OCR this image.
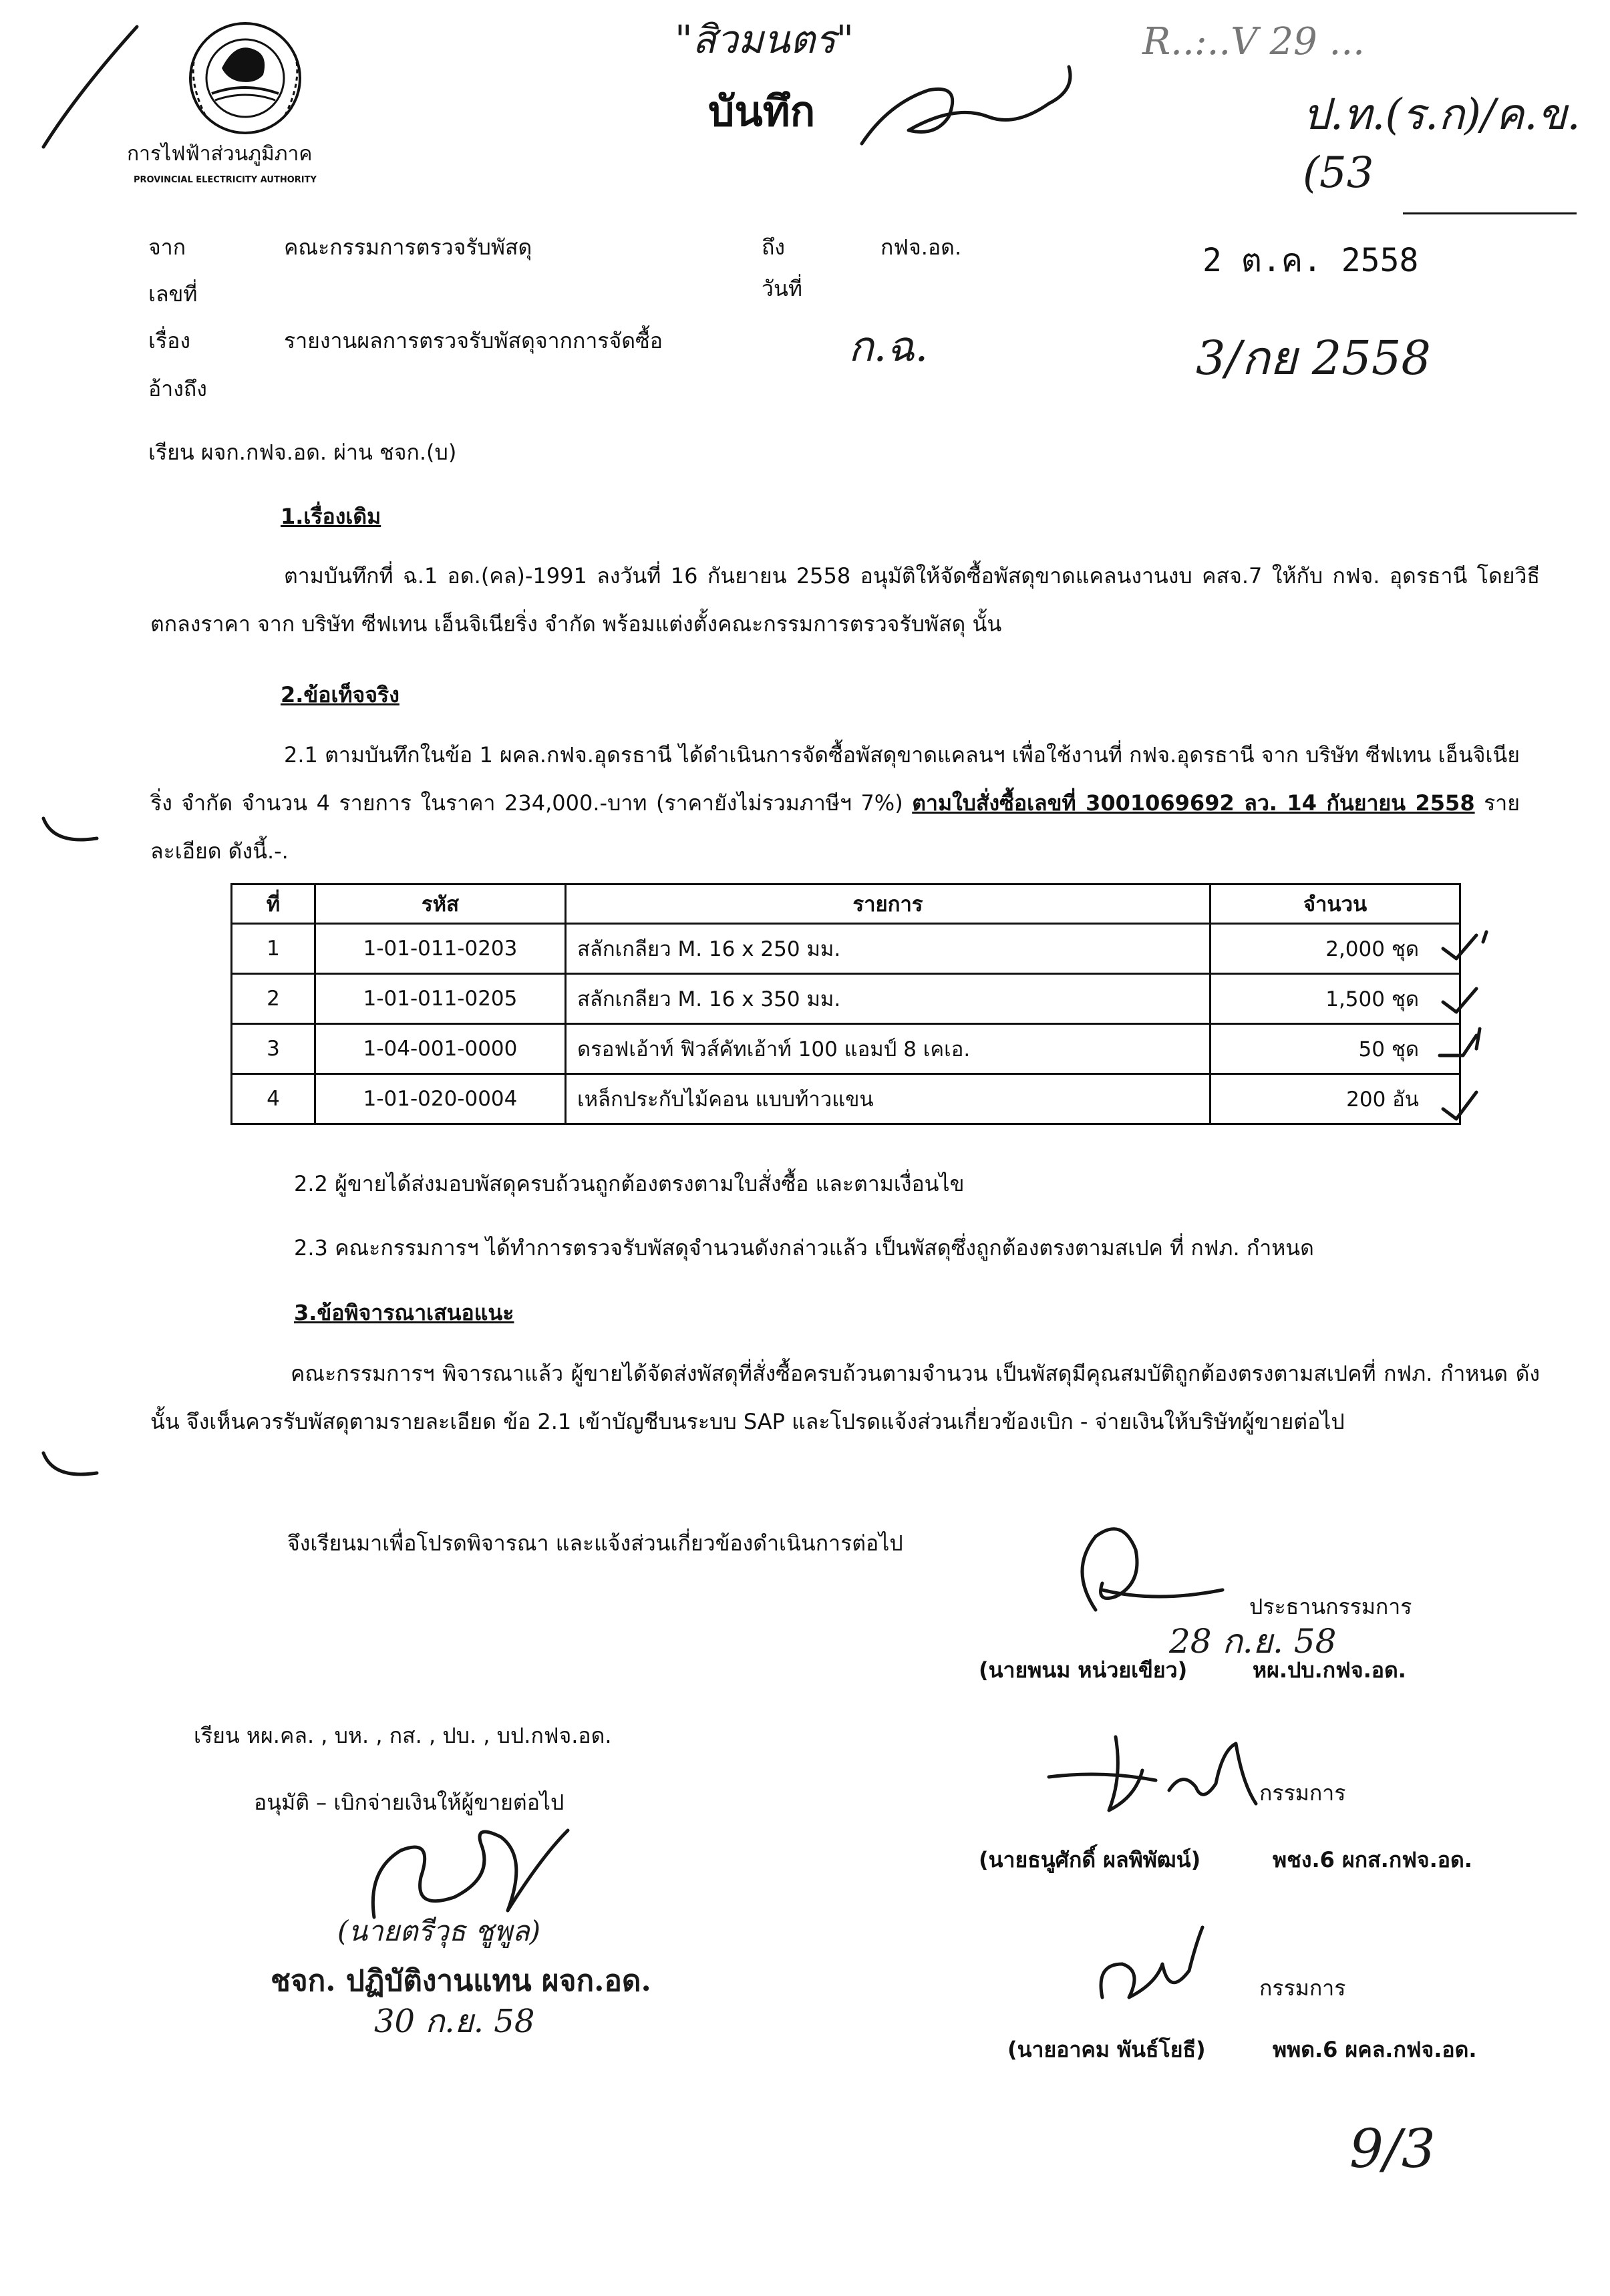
การไฟฟ้าส่วนภูมิภาค
PROVINCIAL ELECTRICITY AUTHORITY
"สิวมนตร"
บันทึก
R..:..V 29 ...
ป.ท.(ร.ก)/ค.ข.(53
จาก	คณะกรรมการตรวจรับพัสดุ	ถึง	กฟจ.อด.	2 ต.ค. 2558
เลขที่	วันที่
เรื่อง	รายงานผลการตรวจรับพัสดุจากการจัดซื้อ	ก.ฉ.	3/กย 2558
อ้างถึง
เรียน ผจก.กฟจ.อด. ผ่าน ชจก.(บ)
1.เรื่องเดิม
ตามบันทึกที่ ฉ.1 อด.(คล)-1991 ลงวันที่ 16 กันยายน 2558 อนุมัติให้จัดซื้อพัสดุขาดแคลนงานงบ คสจ.7 ให้กับ กฟจ. อุดรธานี โดยวิธีตกลงราคา จาก บริษัท ซีฟเทน เอ็นจิเนียริ่ง จำกัด พร้อมแต่งตั้งคณะกรรมการตรวจรับพัสดุ นั้น
2.ข้อเท็จจริง
2.1 ตามบันทึกในข้อ 1 ผคล.กฟจ.อุดรธานี ได้ดำเนินการจัดซื้อพัสดุขาดแคลนฯ เพื่อใช้งานที่ กฟจ.อุดรธานี จาก บริษัท ซีฟเทน เอ็นจิเนียริ่ง จำกัด จำนวน 4 รายการ ในราคา 234,000.-บาท (ราคายังไม่รวมภาษีฯ 7%) ตามใบสั่งซื้อเลขที่ 3001069692 ลว. 14 กันยายน 2558 รายละเอียด ดังนี้.-.
ที่	รหัส	รายการ	จำนวน
1	1-01-011-0203	สลักเกลียว M. 16 x 250 มม.	2,000 ชุด
2	1-01-011-0205	สลักเกลียว M. 16 x 350 มม.	1,500 ชุด
3	1-04-001-0000	ดรอฟเอ้าท์ ฟิวส์คัทเอ้าท์ 100 แอมป์ 8 เคเอ.	50 ชุด
4	1-01-020-0004	เหล็กประกับไม้คอน แบบท้าวแขน	200 อัน
2.2 ผู้ขายได้ส่งมอบพัสดุครบถ้วนถูกต้องตรงตามใบสั่งซื้อ และตามเงื่อนไข
2.3 คณะกรรมการฯ ได้ทำการตรวจรับพัสดุจำนวนดังกล่าวแล้ว เป็นพัสดุซึ่งถูกต้องตรงตามสเปค ที่ กฟภ. กำหนด
3.ข้อพิจารณาเสนอแนะ
คณะกรรมการฯ พิจารณาแล้ว ผู้ขายได้จัดส่งพัสดุที่สั่งซื้อครบถ้วนตามจำนวน เป็นพัสดุมีคุณสมบัติถูกต้องตรงตามสเปคที่ กฟภ. กำหนด ดังนั้น จึงเห็นควรรับพัสดุตามรายละเอียด ข้อ 2.1 เข้าบัญชีบนระบบ SAP และโปรดแจ้งส่วนเกี่ยวข้องเบิก - จ่ายเงินให้บริษัทผู้ขายต่อไป
จึงเรียนมาเพื่อโปรดพิจารณา และแจ้งส่วนเกี่ยวข้องดำเนินการต่อไป
ประธานกรรมการ
28 ก.ย. 58
(นายพนม หน่วยเขียว)	หผ.ปบ.กฟจ.อด.
เรียน หผ.คล. , บห. , กส. , ปบ. , บป.กฟจ.อด.
อนุมัติ – เบิกจ่ายเงินให้ผู้ขายต่อไป
(นายตรีวุธ ชูพูล)
ชจก. ปฏิบัติงานแทน ผจก.อด.
30 ก.ย. 58
กรรมการ
(นายธนูศักดิ์ ผลพิพัฒน์)	พชง.6 ผกส.กฟจ.อด.
กรรมการ
(นายอาคม พันธ์โยธี)	พพด.6 ผคล.กฟจ.อด.
9/3
